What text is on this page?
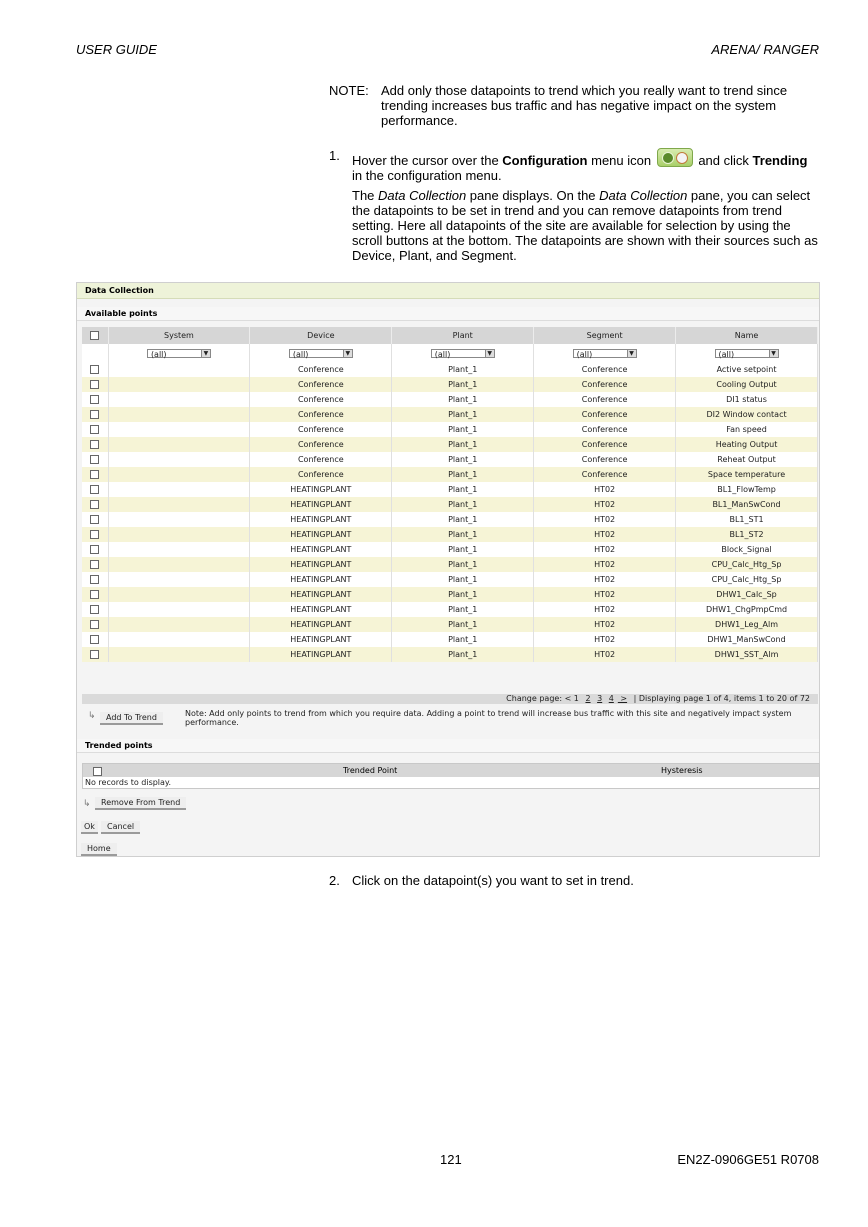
USER GUIDE	ARENA/ RANGER
NOTE: Add only those datapoints to trend which you really want to trend since trending increases bus traffic and has negative impact on the system performance.
1. Hover the cursor over the Configuration menu icon	and click Trending in the configuration menu.
The Data Collection pane displays. On the Data Collection pane, you can select the datapoints to be set in trend and you can remove datapoints from trend setting. Here all datapoints of the site are available for selection by using the scroll buttons at the bottom. The datapoints are shown with their sources such as Device, Plant, and Segment.
Data Collection
Available points
	System	Device	Plant	Segment	Name
	(all) ▼	(all) ▼	(all) ▼	(all) ▼	(all) ▼

		Conference	Plant_1	Conference	Active setpoint
		Conference	Plant_1	Conference	Cooling Output
		Conference	Plant_1	Conference	DI1 status
		Conference	Plant_1	Conference	DI2 Window contact
		Conference	Plant_1	Conference	Fan speed
		Conference	Plant_1	Conference	Heating Output
		Conference	Plant_1	Conference	Reheat Output
		Conference	Plant_1	Conference	Space temperature
		HEATINGPLANT	Plant_1	HT02	BL1_FlowTemp
		HEATINGPLANT	Plant_1	HT02	BL1_ManSwCond
		HEATINGPLANT	Plant_1	HT02	BL1_ST1
		HEATINGPLANT	Plant_1	HT02	BL1_ST2
		HEATINGPLANT	Plant_1	HT02	Block_Signal
		HEATINGPLANT	Plant_1	HT02	CPU_Calc_Htg_Sp
		HEATINGPLANT	Plant_1	HT02	CPU_Calc_Htg_Sp
		HEATINGPLANT	Plant_1	HT02	DHW1_Calc_Sp
		HEATINGPLANT	Plant_1	HT02	DHW1_ChgPmpCmd
		HEATINGPLANT	Plant_1	HT02	DHW1_Leg_Alm
		HEATINGPLANT	Plant_1	HT02	DHW1_ManSwCond
		HEATINGPLANT	Plant_1	HT02	DHW1_SST_Alm
Change page: < 1 2 3 4 > | Displaying page 1 of 4, items 1 to 20 of 72
↳	Add To Trend	Note: Add only points to trend from which you require data. Adding a point to trend will increase bus traffic with this site and negatively impact system performance.
Trended points
Trended Point	Hysteresis
No records to display.
↳	Remove From Trend
Ok	Cancel
Home
2. Click on the datapoint(s) you want to set in trend.
121	EN2Z-0906GE51 R0708
